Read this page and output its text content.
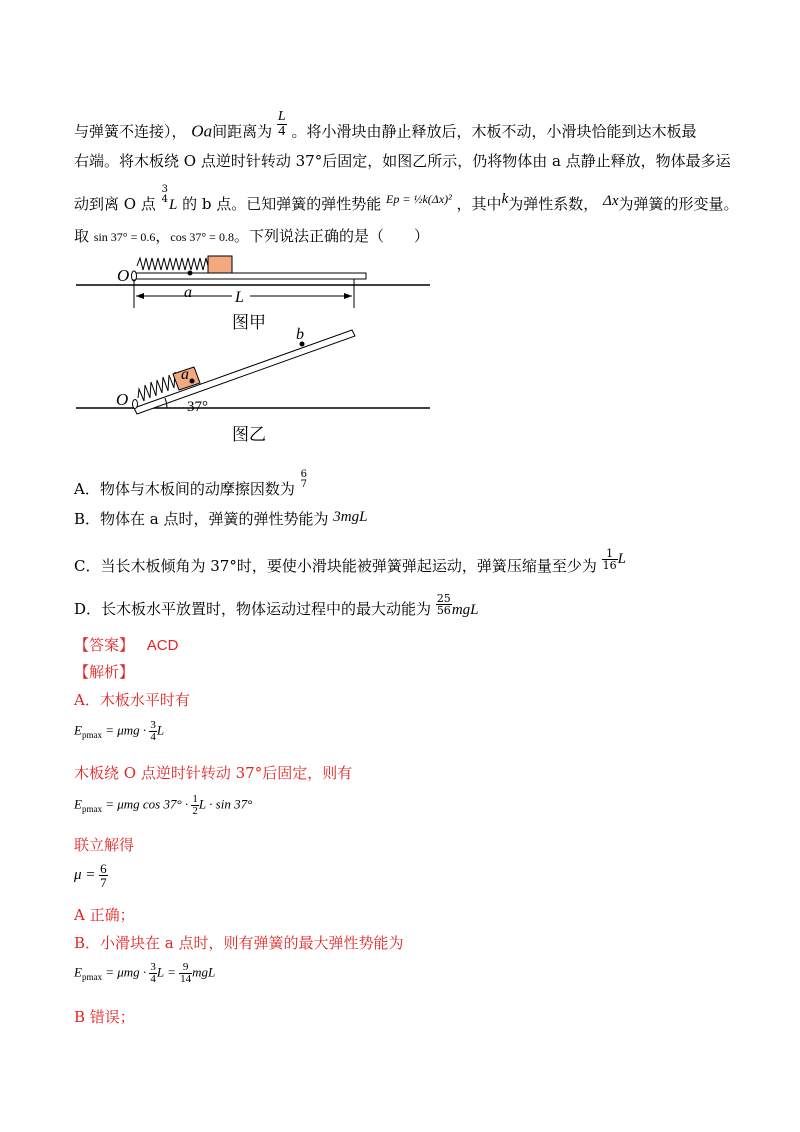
与弹簧不连接）， Oa间距离为 $\frac{L}{4}$ 。将小滑块由静止释放后，木板不动，小滑块恰能到达木板最
右端。将木板绕 O 点逆时针转动 37°后固定，如图乙所示，仍将物体由 a 点静止释放，物体最多运
动到离 O 点
3
4 L 的 b 点。已知弹簧的弹性势能 $^{Ep = \frac{1}{2}k(\Delta x)^2}$ ，其中k为弹性系数， Δx为弹簧的形变量。
取 sin 37° = 0.6，cos 37° = 0.8。下列说法正确的是（　　）
O
a	L
图甲
O
a
b
37°
图乙
A．物体与木板间的动摩擦因数为
6
7
B．物体在 a 点时，弹簧的弹性势能为 3mgL
C．当长木板倾角为 37°时，要使小滑块能被弹簧弹起运动，弹簧压缩量至少为 $\frac{1}{16}$ L
D．长木板水平放置时，物体运动过程中的最大动能为 $\frac{25}{56}$ mgL
【答案】 ACD
【解析】
A．木板水平时有
$E_{pmax} = \mu mg \cdot \frac{3}{4}$ L
木板绕 O 点逆时针转动 37°后固定，则有
$E_{pmax} = \mu mg$ $\cos 37^\circ \cdot \frac{1}{2}$ L · sin 37°
联立解得
$\mu = \frac{6}{7}$
A 正确；
B．小滑块在 a 点时，则有弹簧的最大弹性势能为
$E_{pmax} = \mu mg \cdot \frac{3}{4}$ $L = \frac{9}{14}$ mgL
B 错误；
